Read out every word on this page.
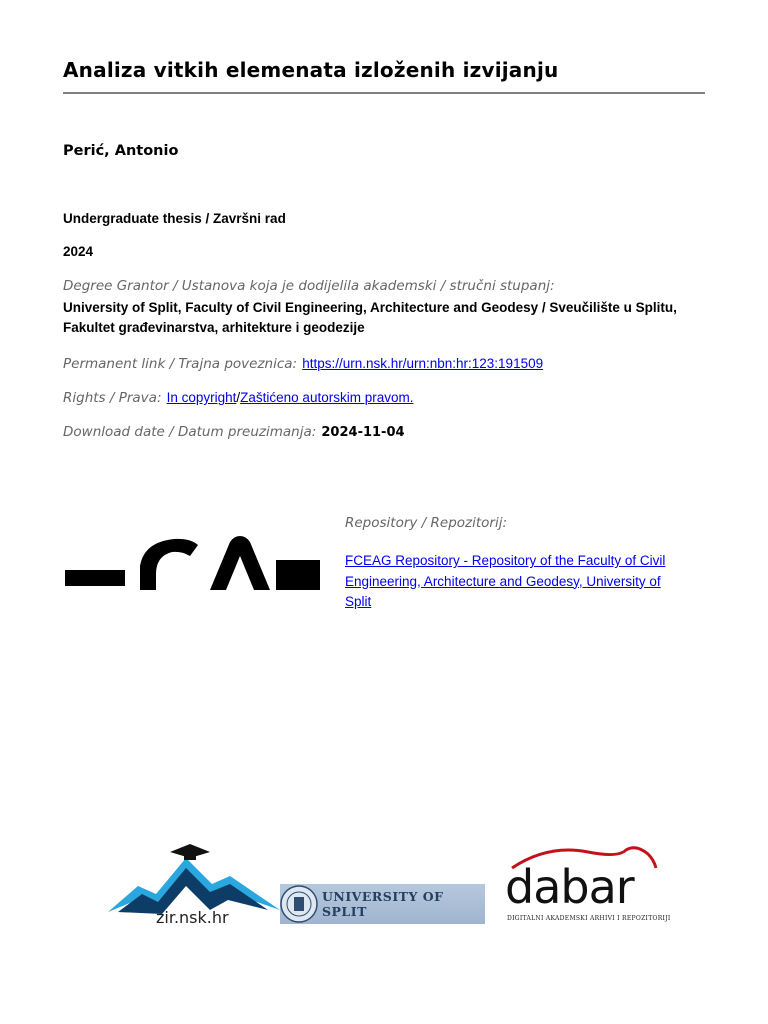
Analiza vitkih elemenata izloženih izvijanju
Perić, Antonio
Undergraduate thesis / Završni rad
2024
Degree Grantor / Ustanova koja je dodijelila akademski / stručni stupanj:
University of Split, Faculty of Civil Engineering, Architecture and Geodesy / Sveučilište u Splitu, Fakultet građevinarstva, arhitekture i geodezije
Permanent link / Trajna poveznica: https://urn.nsk.hr/urn:nbn:hr:123:191509
Rights / Prava: In copyright/Zaštićeno autorskim pravom.
Download date / Datum preuzimanja: 2024-11-04
Repository / Repozitorij:
FCEAG Repository - Repository of the Faculty of Civil Engineering, Architecture and Geodesy, University of Split
zir.nsk.hr
UNIVERSITY OF SPLIT	dabar
DIGITALNI AKADEMSKI ARHIVI I REPOZITORIJI
